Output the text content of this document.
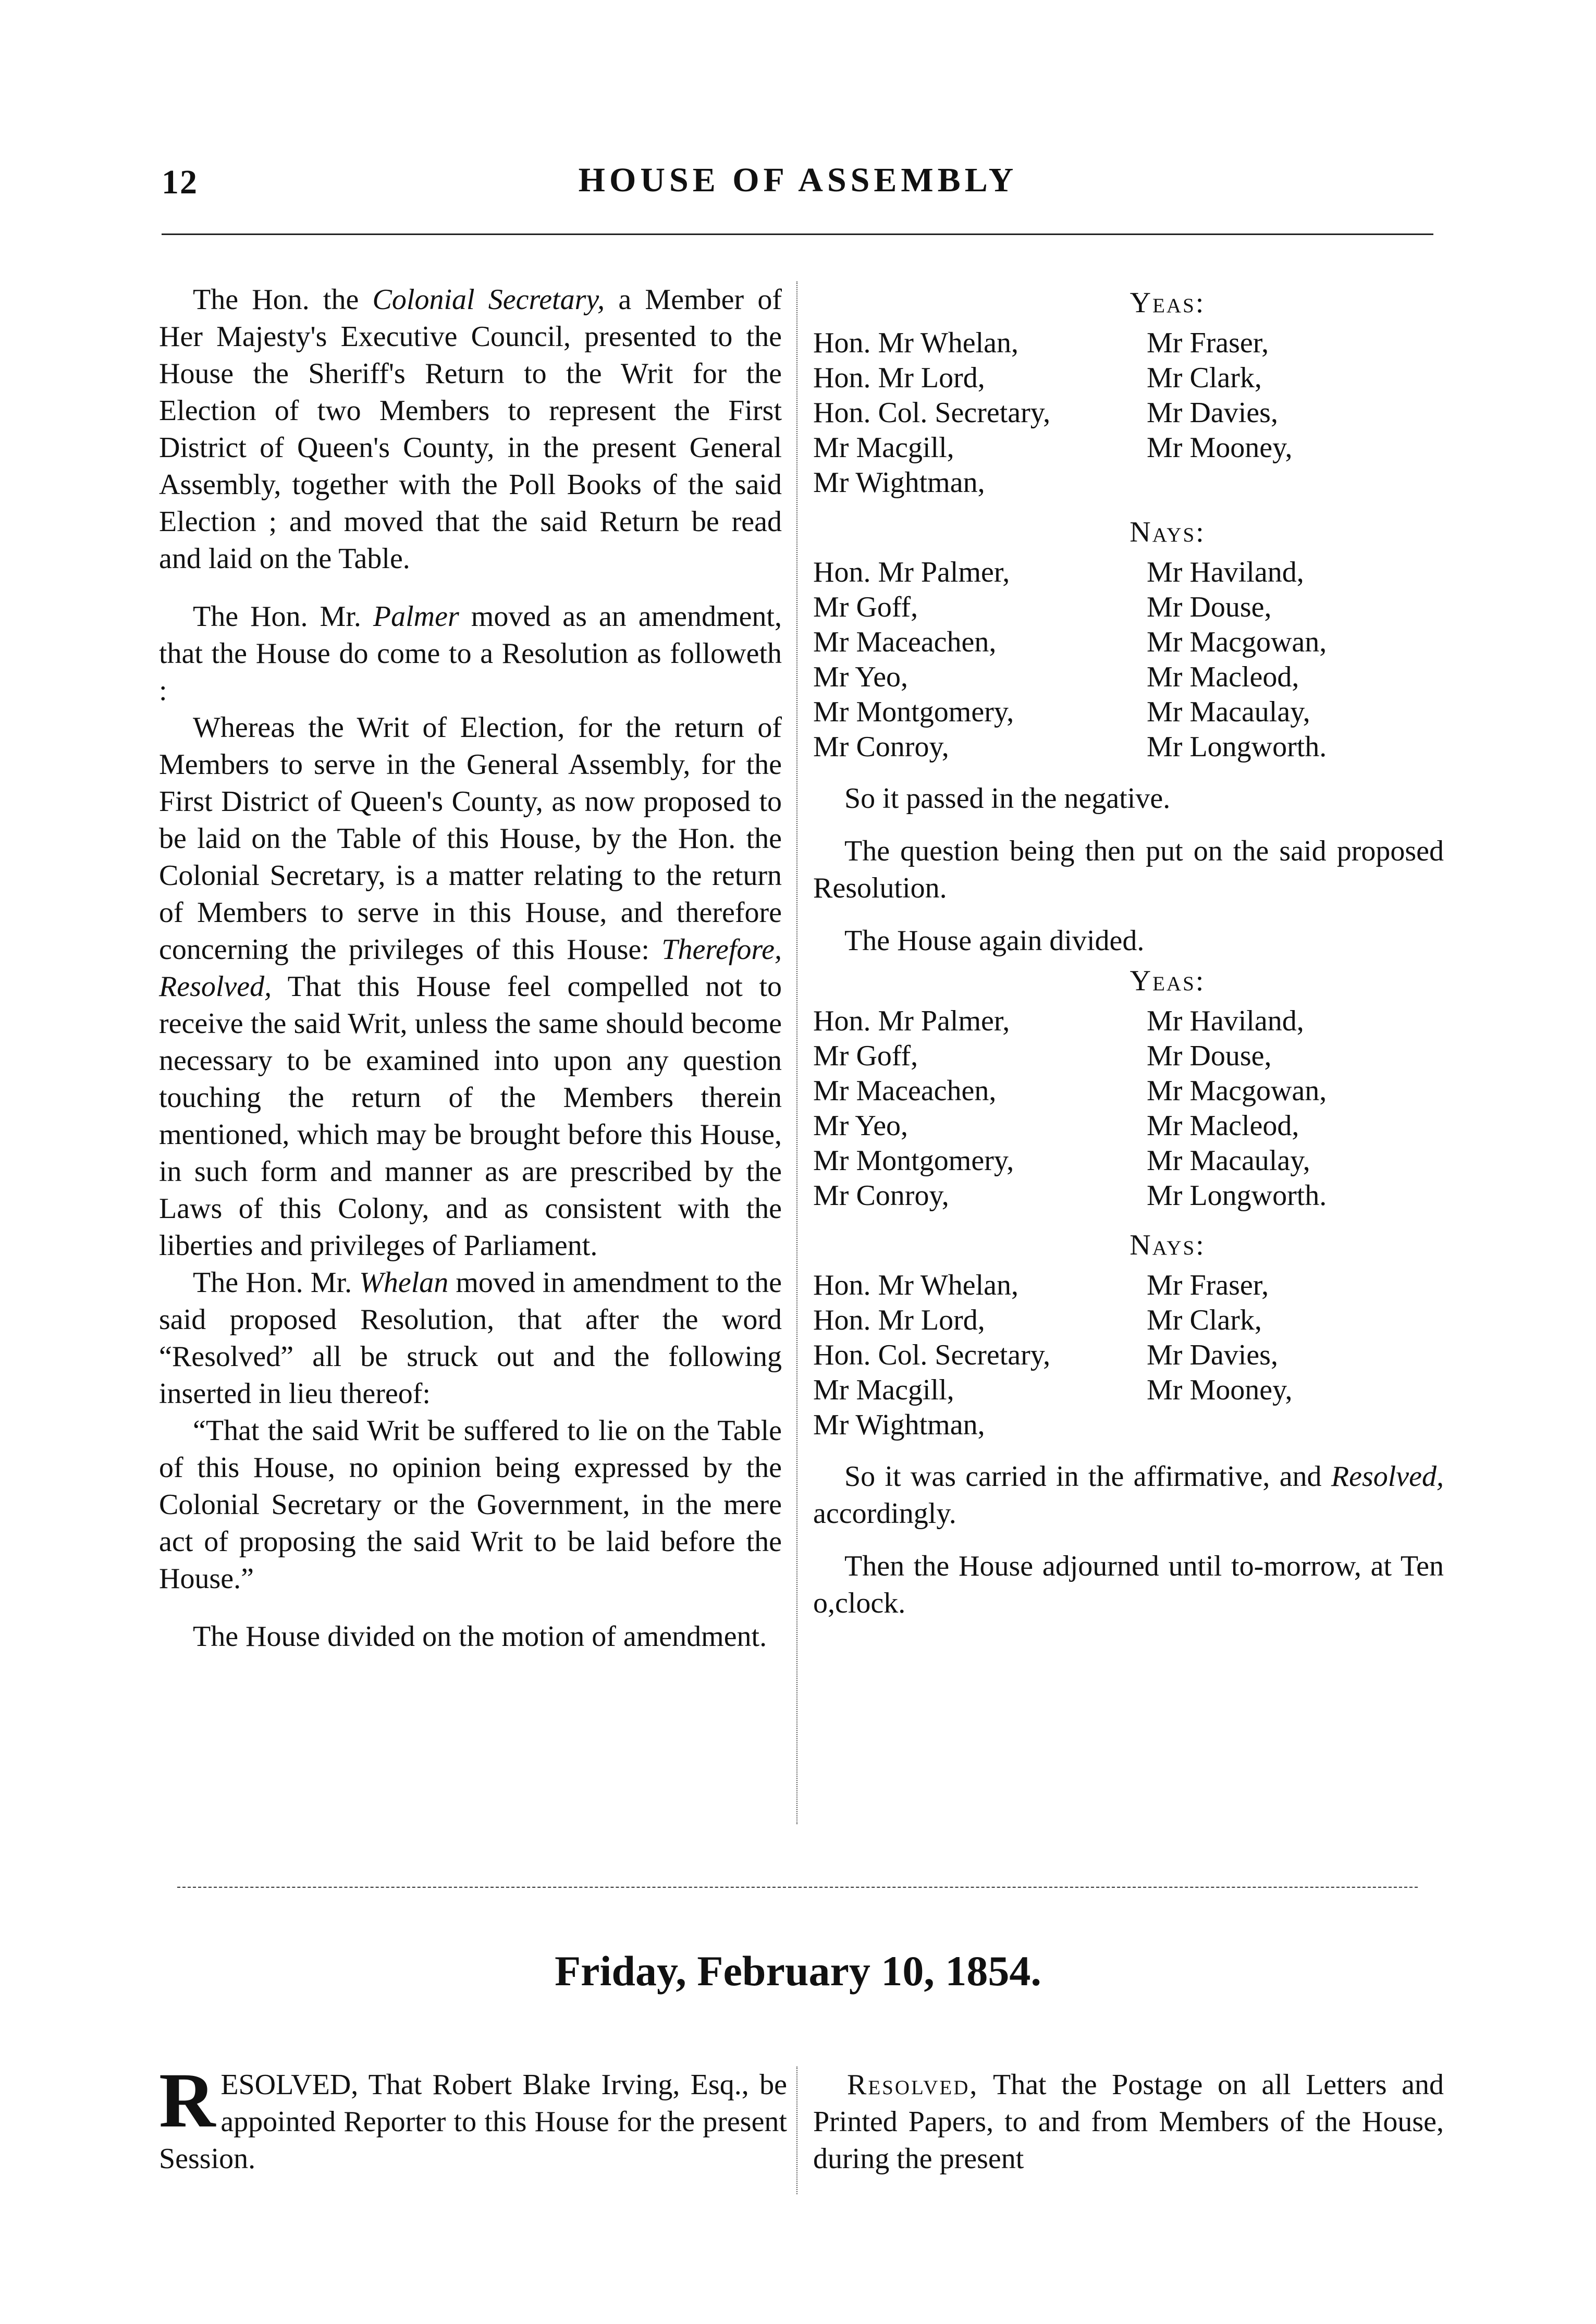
12	HOUSE OF ASSEMBLY

The Hon. the Colonial Secretary, a Member of Her Majesty's Executive Council, presented to the House the Sheriff's Return to the Writ for the Election of two Members to represent the First District of Queen's County, in the present General Assembly, together with the Poll Books of the said Election ; and moved that the said Return be read and laid on the Table.

The Hon. Mr. Palmer moved as an amendment, that the House do come to a Resolution as followeth :

Whereas the Writ of Election, for the return of Members to serve in the General Assembly, for the First District of Queen's County, as now proposed to be laid on the Table of this House, by the Hon. the Colonial Secretary, is a matter relating to the return of Members to serve in this House, and therefore concerning the privileges of this House: Therefore, Resolved, That this House feel compelled not to receive the said Writ, unless the same should become necessary to be examined into upon any question touching the return of the Members therein mentioned, which may be brought before this House, in such form and manner as are prescribed by the Laws of this Colony, and as consistent with the liberties and privileges of Parliament.

The Hon. Mr. Whelan moved in amendment to the said proposed Resolution, that after the word “Resolved” all be struck out and the following inserted in lieu thereof:

“That the said Writ be suffered to lie on the Table of this House, no opinion being expressed by the Colonial Secretary or the Government, in the mere act of proposing the said Writ to be laid before the House.”

The House divided on the motion of amendment.

Yeas:
Hon. Mr Whelan,	Mr Fraser,
Hon. Mr Lord,	Mr Clark,
Hon. Col. Secretary,	Mr Davies,
Mr Macgill,	Mr Mooney,
Mr Wightman,
Nays:
Hon. Mr Palmer,	Mr Haviland,
Mr Goff,	Mr Douse,
Mr Maceachen,	Mr Macgowan,
Mr Yeo,	Mr Macleod,
Mr Montgomery,	Mr Macaulay,
Mr Conroy,	Mr Longworth.

So it passed in the negative.

The question being then put on the said proposed Resolution.

The House again divided.

Yeas:
Hon. Mr Palmer,	Mr Haviland,
Mr Goff,	Mr Douse,
Mr Maceachen,	Mr Macgowan,
Mr Yeo,	Mr Macleod,
Mr Montgomery,	Mr Macaulay,
Mr Conroy,	Mr Longworth.
Nays:
Hon. Mr Whelan,	Mr Fraser,
Hon. Mr Lord,	Mr Clark,
Hon. Col. Secretary,	Mr Davies,
Mr Macgill,	Mr Mooney,
Mr Wightman,

So it was carried in the affirmative, and Resolved, accordingly.

Then the House adjourned until to-morrow, at Ten o,clock.

Friday, February 10, 1854.

RESOLVED, That Robert Blake Irving, Esq., be appointed Reporter to this House for the present Session.

Resolved, That the Postage on all Letters and Printed Papers, to and from Members of the House, during the present
